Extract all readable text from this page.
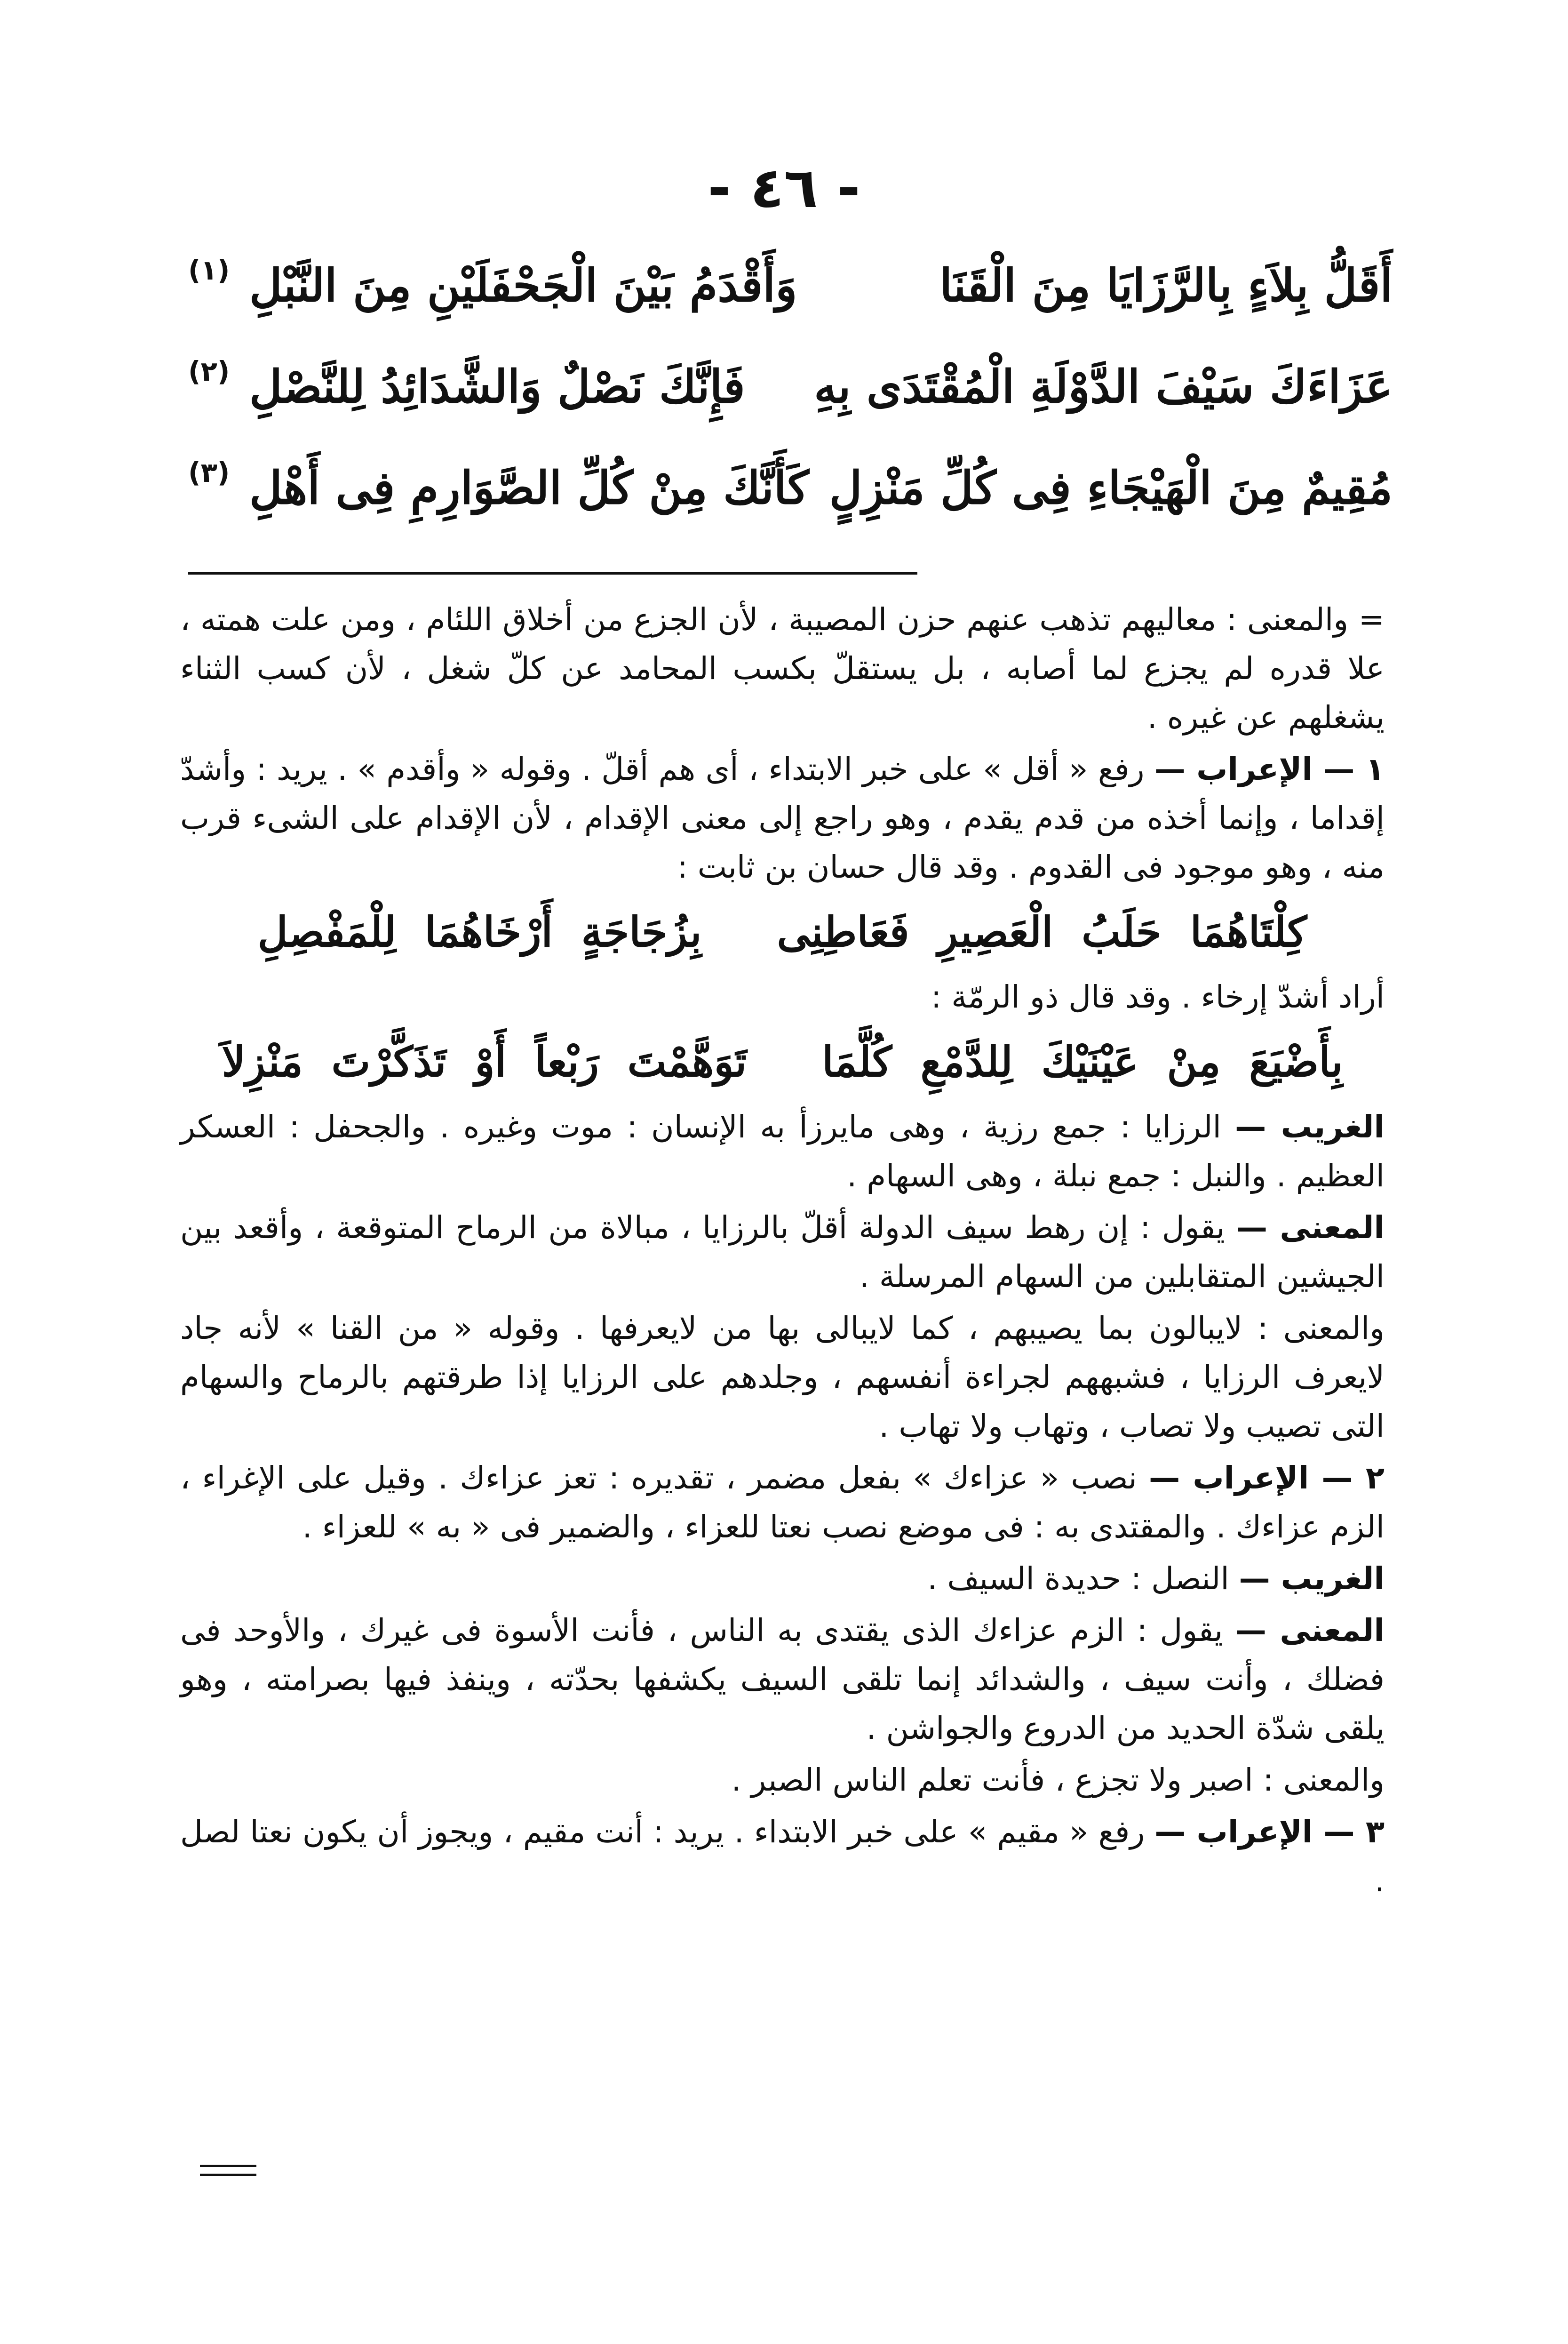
- ٤٦ -
أَقَلُّ بِلاَءٍ بِالرَّزَايَا مِنَ الْقَنَا
وَأَقْدَمُ بَيْنَ الْجَحْفَلَيْنِ مِنَ النَّبْلِ
(١)
عَزَاءَكَ سَيْفَ الدَّوْلَةِ الْمُقْتَدَى بِهِ
فَإِنَّكَ نَصْلٌ وَالشَّدَائِدُ لِلنَّصْلِ
(٢)
مُقِيمٌ مِنَ الْهَيْجَاءِ فِى كُلِّ مَنْزِلٍ
كَأَنَّكَ مِنْ كُلِّ الصَّوَارِمِ فِى أَهْلِ
(٣)

= والمعنى : معاليهم تذهب عنهم حزن المصيبة ، لأن الجزع من أخلاق اللئام ، ومن علت همته ، علا قدره لم يجزع لما أصابه ، بل يستقلّ بكسب المحامد عن كلّ شغل ، لأن كسب الثناء يشغلهم عن غيره .

١ — الإعراب — رفع « أقل » على خبر الابتداء ، أى هم أقلّ . وقوله « وأقدم » . يريد : وأشدّ إقداما ، وإنما أخذه من قدم يقدم ، وهو راجع إلى معنى الإقدام ، لأن الإقدام على الشىء قرب منه ، وهو موجود فى القدوم . وقد قال حسان بن ثابت :

كِلْتَاهُمَا حَلَبُ الْعَصِيرِ فَعَاطِنِىبِزُجَاجَةٍ أَرْخَاهُمَا لِلْمَفْصِلِ

أراد أشدّ إرخاء . وقد قال ذو الرمّة :

بِأَضْيَعَ مِنْ عَيْنَيْكَ لِلدَّمْعِ كُلَّمَاتَوَهَّمْتَ رَبْعاً أَوْ تَذَكَّرْتَ مَنْزِلاَ

الغريب — الرزايا : جمع رزية ، وهى مايرزأ به الإنسان : موت وغيره . والجحفل : العسكر العظيم . والنبل : جمع نبلة ، وهى السهام .

المعنى — يقول : إن رهط سيف الدولة أقلّ بالرزايا ، مبالاة من الرماح المتوقعة ، وأقعد بين الجيشين المتقابلين من السهام المرسلة .

والمعنى : لايبالون بما يصيبهم ، كما لايبالى بها من لايعرفها . وقوله « من القنا » لأنه جاد لايعرف الرزايا ، فشبههم لجراءة أنفسهم ، وجلدهم على الرزايا إذا طرقتهم بالرماح والسهام التى تصيب ولا تصاب ، وتهاب ولا تهاب .

٢ — الإعراب — نصب « عزاءك » بفعل مضمر ، تقديره : تعز عزاءك . وقيل على الإغراء ، الزم عزاءك . والمقتدى به : فى موضع نصب نعتا للعزاء ، والضمير فى « به » للعزاء .

الغريب — النصل : حديدة السيف .

المعنى — يقول : الزم عزاءك الذى يقتدى به الناس ، فأنت الأسوة فى غيرك ، والأوحد فى فضلك ، وأنت سيف ، والشدائد إنما تلقى السيف يكشفها بحدّته ، وينفذ فيها بصرامته ، وهو يلقى شدّة الحديد من الدروع والجواشن .

والمعنى : اصبر ولا تجزع ، فأنت تعلم الناس الصبر .

٣ — الإعراب — رفع « مقيم » على خبر الابتداء . يريد : أنت مقيم ، ويجوز أن يكون نعتا لصل .
